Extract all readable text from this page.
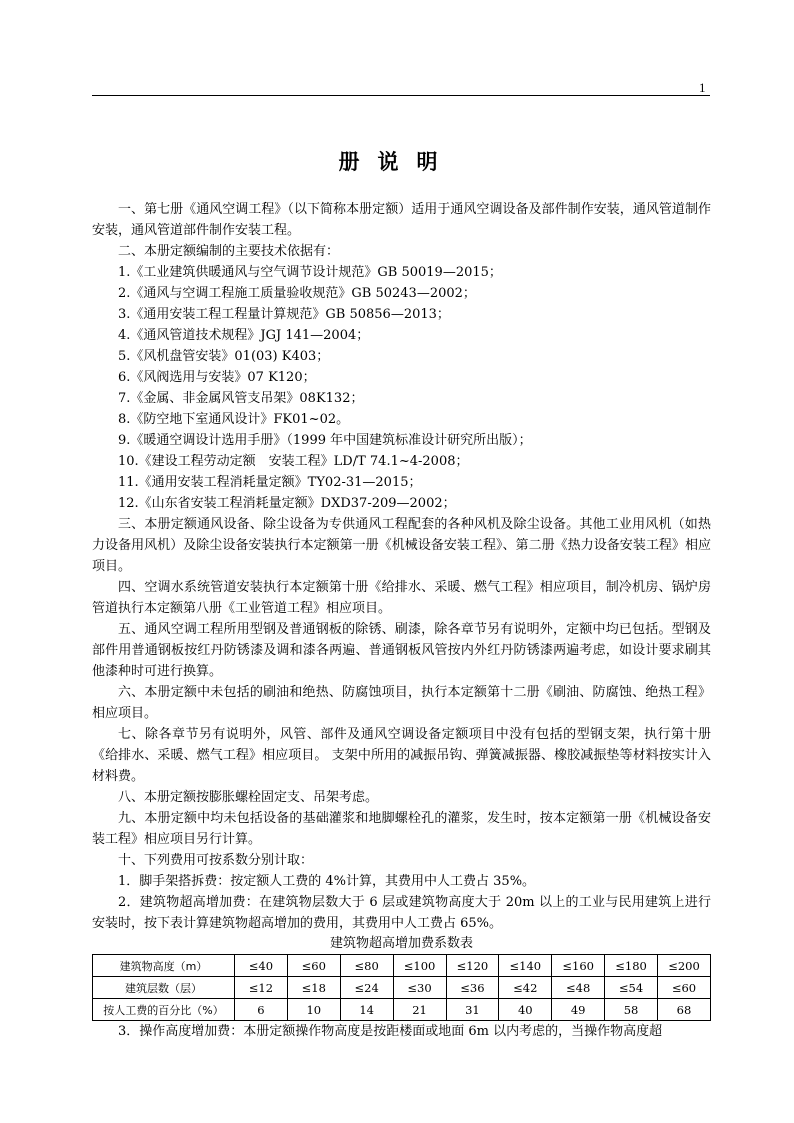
1
册说明

一、第七册《通风空调工程》（以下简称本册定额）适用于通风空调设备及部件制作安装，通风管道制作安装，通风管道部件制作安装工程。

二、本册定额编制的主要技术依据有：

1.《工业建筑供暖通风与空气调节设计规范》GB 50019—2015；

2.《通风与空调工程施工质量验收规范》GB 50243—2002；

3.《通用安装工程工程量计算规范》GB 50856—2013；

4.《通风管道技术规程》JGJ 141—2004；

5.《风机盘管安装》01(03) K403；

6.《风阀选用与安装》07 K120；

7.《金属、非金属风管支吊架》08K132；

8.《防空地下室通风设计》FK01~02。

9.《暖通空调设计选用手册》（1999 年中国建筑标准设计研究所出版）；

10.《建设工程劳动定额　安装工程》LD/T 74.1~4-2008；

11.《通用安装工程消耗量定额》TY02-31—2015；

12.《山东省安装工程消耗量定额》DXD37-209—2002；

三、本册定额通风设备、除尘设备为专供通风工程配套的各种风机及除尘设备。其他工业用风机（如热力设备用风机）及除尘设备安装执行本定额第一册《机械设备安装工程》、第二册《热力设备安装工程》相应项目。

四、空调水系统管道安装执行本定额第十册《给排水、采暖、燃气工程》相应项目，制冷机房、锅炉房管道执行本定额第八册《工业管道工程》相应项目。

五、通风空调工程所用型钢及普通钢板的除锈、刷漆，除各章节另有说明外，定额中均已包括。型钢及部件用普通钢板按红丹防锈漆及调和漆各两遍、普通钢板风管按内外红丹防锈漆两遍考虑，如设计要求刷其他漆种时可进行换算。

六、本册定额中未包括的刷油和绝热、防腐蚀项目，执行本定额第十二册《刷油、防腐蚀、绝热工程》相应项目。

七、除各章节另有说明外，风管、部件及通风空调设备定额项目中没有包括的型钢支架，执行第十册《给排水、采暖、燃气工程》相应项目。 支架中所用的减振吊钩、弹簧减振器、橡胶减振垫等材料按实计入材料费。

八、本册定额按膨胀螺栓固定支、吊架考虑。

九、本册定额中均未包括设备的基础灌浆和地脚螺栓孔的灌浆，发生时，按本定额第一册《机械设备安装工程》相应项目另行计算。

十、下列费用可按系数分别计取：

1．脚手架搭拆费：按定额人工费的 4%计算，其费用中人工费占 35%。

2．建筑物超高增加费：在建筑物层数大于 6 层或建筑物高度大于 20m 以上的工业与民用建筑上进行安装时，按下表计算建筑物超高增加的费用，其费用中人工费占 65%。

建筑物超高增加费系数表

建筑物高度（m）	≤40	≤60	≤80	≤100	≤120	≤140	≤160	≤180	≤200
建筑层数（层）	≤12	≤18	≤24	≤30	≤36	≤42	≤48	≤54	≤60
按人工费的百分比（%）	6	10	14	21	31	40	49	58	68

3．操作高度增加费：本册定额操作物高度是按距楼面或地面 6m 以内考虑的，当操作物高度超
